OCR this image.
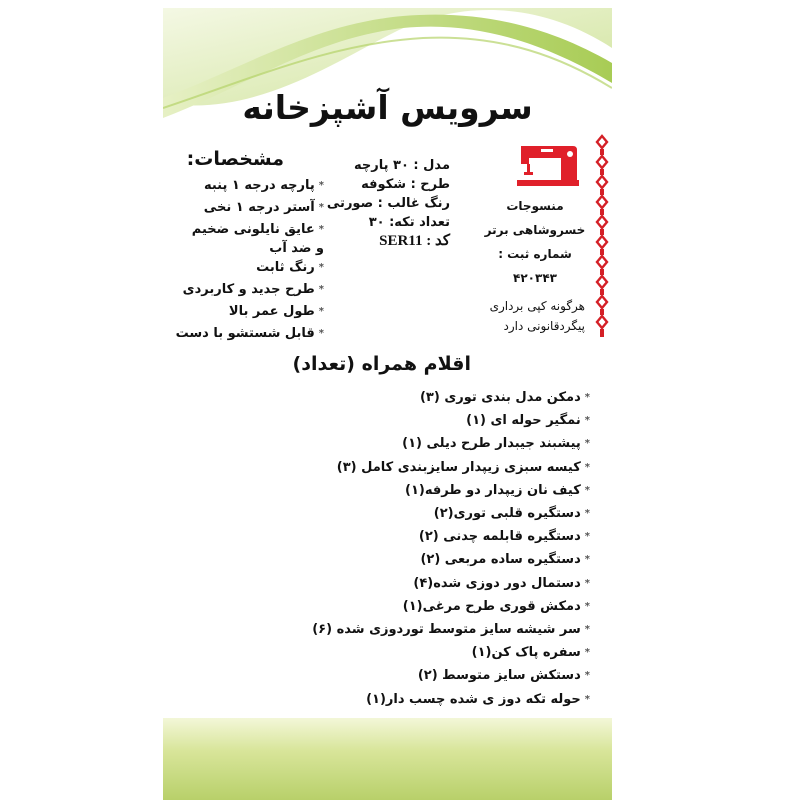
سرویس آشپزخانه
مشخصات:
*پارچه درجه ۱ پنبه
*آستر درجه ۱ نخی
*عایق نایلونی ضخیم
و ضد آب
*رنگ ثابت
*طرح جدید و کاربردی
*طول عمر بالا
*قابل شستشو با دست
مدل : ۳۰ پارچه
طرح : شکوفه
رنگ غالب : صورتی
تعداد تکه: ۳۰
کد : SER11
منسوجات
خسروشاهی برتر
شماره ثبت :
۴۲۰۳۴۳
هرگونه کپی برداری
پیگردقانونی دارد
اقلام همراه (تعداد)
*دمکن مدل بندی توری (۳)
*نمگیر حوله ای (۱)
*پیشبند جیبدار طرح دیلی (۱)
*کیسه سبزی زیپدار سایزبندی کامل (۳)
*کیف نان زیپدار دو طرفه(۱)
*دستگیره قلبی توری(۲)
*دستگیره قابلمه چدنی (۲)
*دستگیره ساده مربعی (۲)
*دستمال دور دوزی شده(۴)
*دمکش قوری طرح مرغی(۱)
*سر شیشه سایز متوسط توردوزی شده (۶)
*سفره پاک کن(۱)
*دستکش سایز متوسط (۲)
*حوله تکه دوز ی شده چسب دار(۱)
